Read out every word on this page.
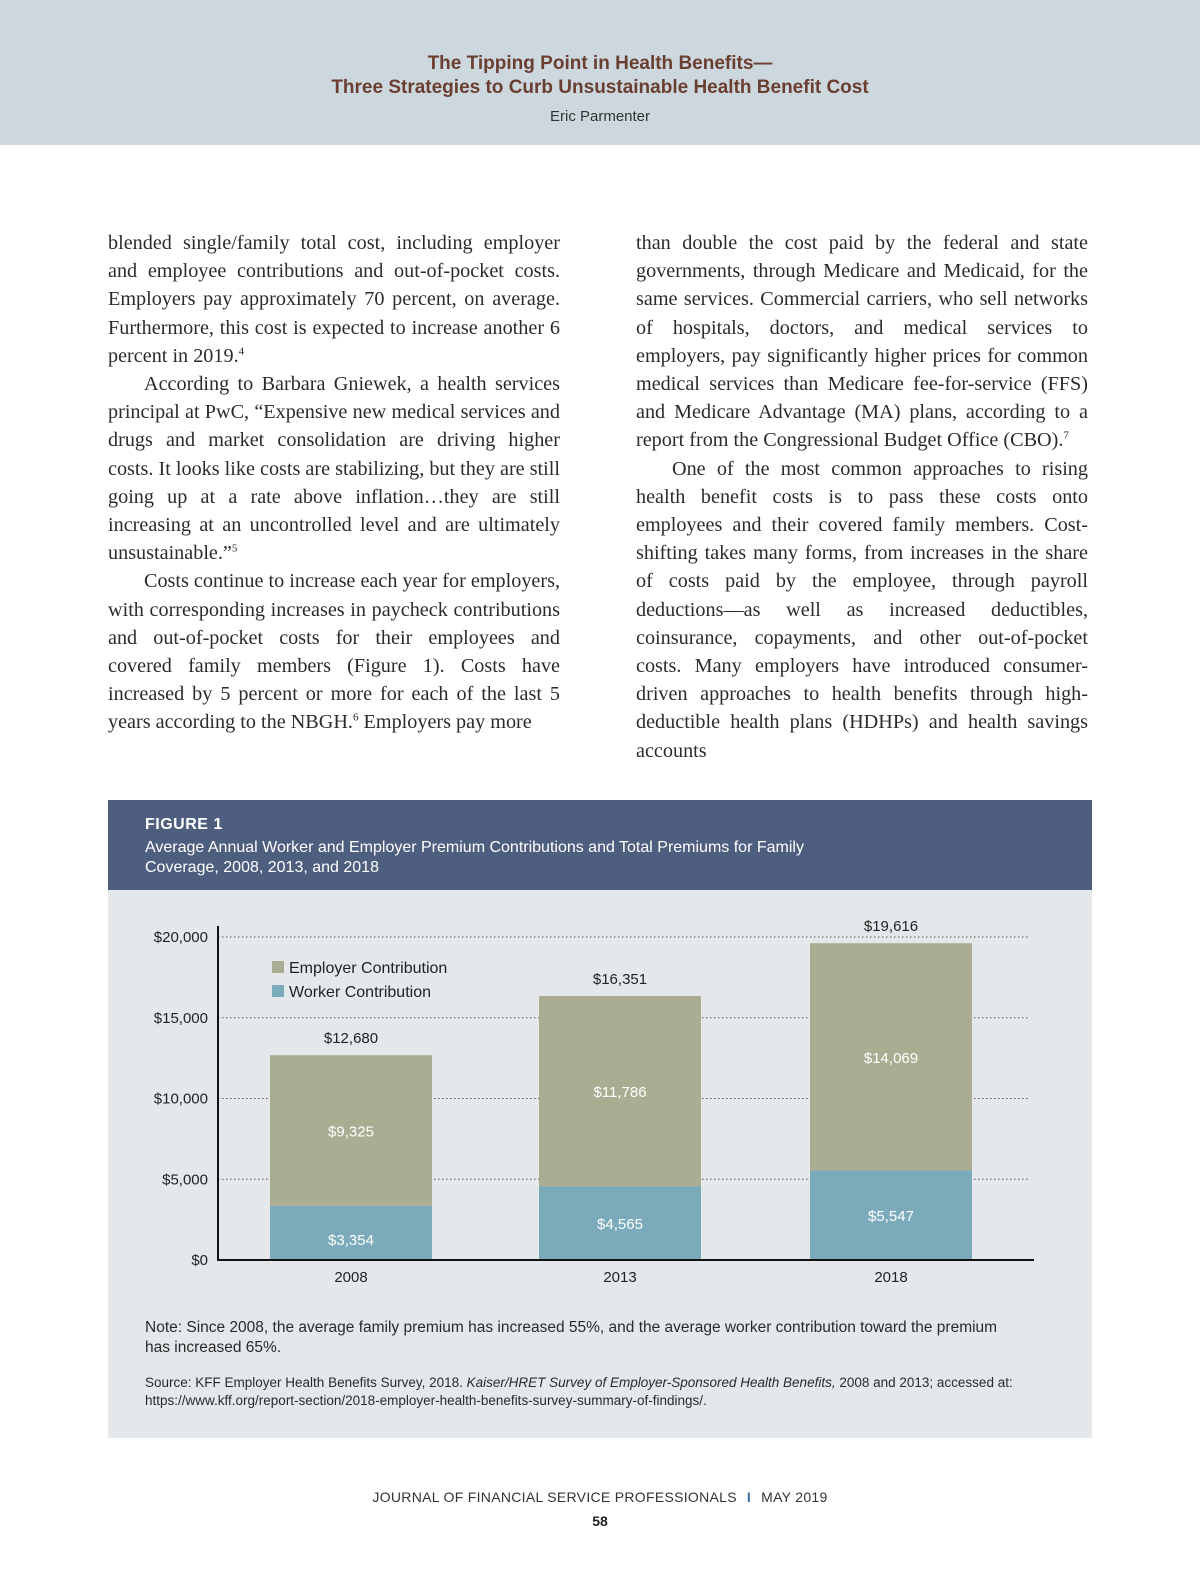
The Tipping Point in Health Benefits—
Three Strategies to Curb Unsustainable Health Benefit Cost
Eric Parmenter

blended single/family total cost, including employer and employee contributions and out-of-pocket costs. Employers pay approximately 70 percent, on average. Furthermore, this cost is expected to increase another 6 percent in 2019.$^4$

According to Barbara Gniewek, a health services principal at PwC, “Expensive new medical services and drugs and market consolidation are driving higher costs. It looks like costs are stabilizing, but they are still going up at a rate above inflation…they are still increasing at an uncontrolled level and are ultimately unsustainable.”$^5$

Costs continue to increase each year for employers, with corresponding increases in paycheck contributions and out-of-pocket costs for their employees and covered family members (Figure 1). Costs have increased by 5 percent or more for each of the last 5 years according to the NBGH.$^6$ Employers pay more

than double the cost paid by the federal and state governments, through Medicare and Medicaid, for the same services. Commercial carriers, who sell networks of hospitals, doctors, and medical services to employers, pay significantly higher prices for common medical services than Medicare fee-for-service (FFS) and Medicare Advantage (MA) plans, according to a report from the Congressional Budget Office (CBO).$^7$

One of the most common approaches to rising health benefit costs is to pass these costs onto employees and their covered family members. Cost-shifting takes many forms, from increases in the share of costs paid by the employee, through payroll deductions—as well as increased deductibles, coinsurance, copayments, and other out-of-pocket costs. Many employers have introduced consumer-driven approaches to health benefits through high-deductible health plans (HDHPs) and health savings accounts

FIGURE 1
Average Annual Worker and Employer Premium Contributions and Total Premiums for Family Coverage, 2008, 2013, and 2018
$0
$5,000
$10,000
$15,000
$20,000
$3,354
$9,325
$12,680
2008
$4,565
$11,786
$16,351
2013
$5,547
$14,069
$19,616
2018
Employer Contribution
Worker Contribution
Note: Since 2008, the average family premium has increased 55%, and the average worker contribution toward the premium has increased 65%.
Source: KFF Employer Health Benefits Survey, 2018. Kaiser/HRET Survey of Employer-Sponsored Health Benefits, 2008 and 2013; accessed at: https://www.kff.org/report-section/2018-employer-health-benefits-survey-summary-of-findings/.
JOURNAL OF FINANCIAL SERVICE PROFESSIONALS I MAY 2019
58
